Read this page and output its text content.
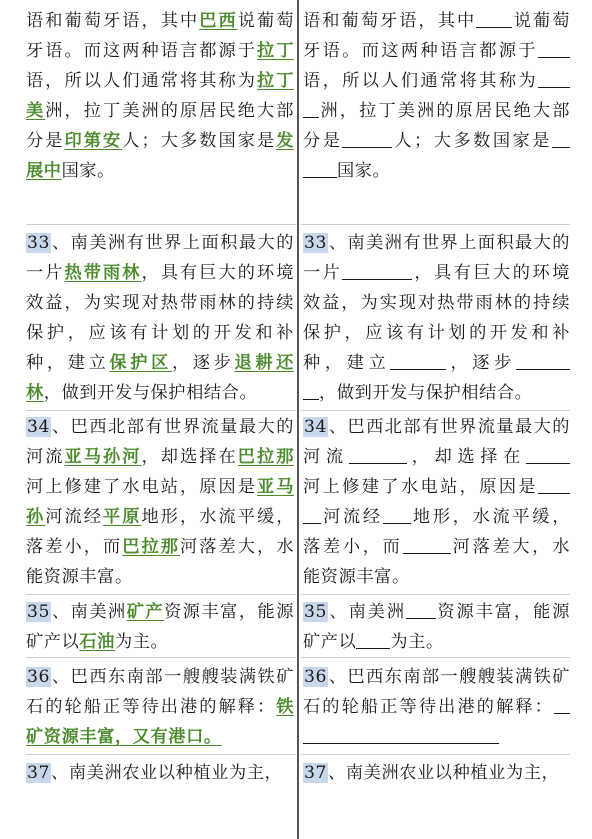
语和葡萄牙语，其中巴西说葡萄
牙语。而这两种语言都源于拉丁
语，所以人们通常将其称为拉丁
美洲，拉丁美洲的原居民绝大部
分是印第安人；大多数国家是发
展中国家。
33、南美洲有世界上面积最大的
一片热带雨林，具有巨大的环境
效益，为实现对热带雨林的持续
保护，应该有计划的开发和补
种，建立保护区，逐步退耕还
林，做到开发与保护相结合。
34、巴西北部有世界流量最大的
河流亚马孙河，却选择在巴拉那
河上修建了水电站，原因是亚马
孙河流经平原地形，水流平缓，
落差小，而巴拉那河落差大，水
能资源丰富。
35、南美洲矿产资源丰富，能源
矿产以石油为主。
36、巴西东南部一艘艘装满铁矿
石的轮船正等待出港的解释：铁
矿资源丰富，又有港口。
37、南美洲农业以种植业为主，
语和葡萄牙语，其中 说葡萄
牙语。而这两种语言都源于
语，所以人们通常将其称为
洲，拉丁美洲的原居民绝大部
分是	人；大多数国家是
国家。
33、南美洲有世界上面积最大的
一片	，具有巨大的环境
效益，为实现对热带雨林的持续
保护，应该有计划的开发和补
种，建立	，逐步
，做到开发与保护相结合。
34、巴西北部有世界流量最大的
河流	，却选择在
河上修建了水电站，原因是
河流经 地形，水流平缓，
落差小，而	河落差大，水
能资源丰富。
35、南美洲 资源丰富，能源
矿产以 为主。
36、巴西东南部一艘艘装满铁矿
石的轮船正等待出港的解释：
37、南美洲农业以种植业为主，
